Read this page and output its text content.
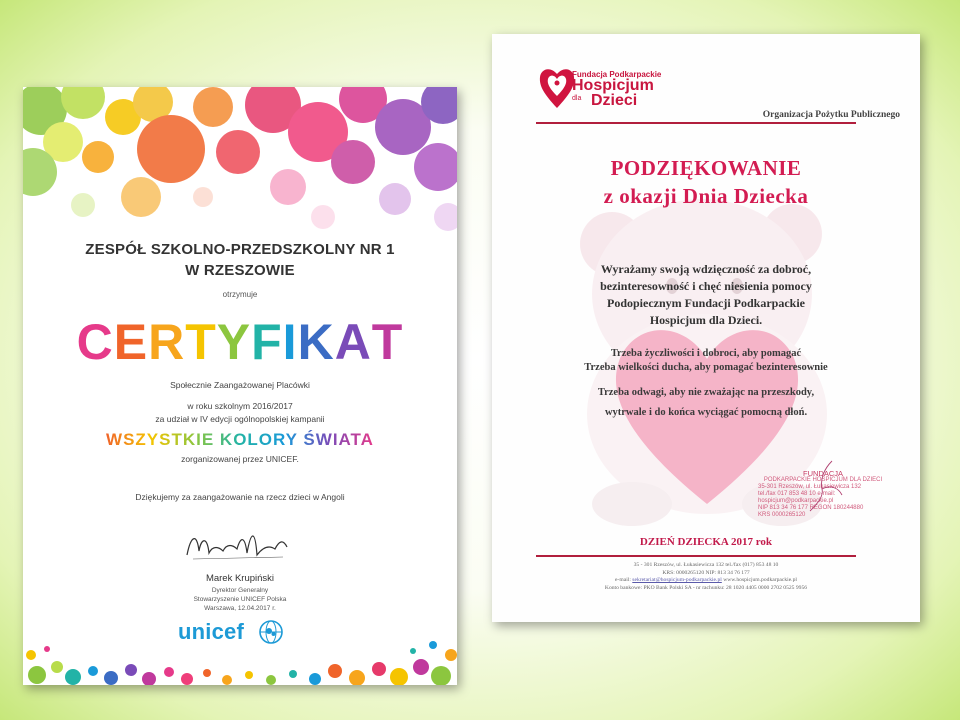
ZESPÓŁ SZKOLNO-PRZEDSZKOLNY NR 1
W RZESZOWIE
otrzymuje
CERTYFIKAT
Społecznie Zaangażowanej Placówki
w roku szkolnym 2016/2017
za udział w IV edycji ogólnopolskiej kampanii
WSZYSTKIE KOLORY ŚWIATA
zorganizowanej przez UNICEF.
Dziękujemy za zaangażowanie na rzecz dzieci w Angoli
Marek Krupiński
Dyrektor Generalny
Stowarzyszenie UNICEF Polska
Warszawa, 12.04.2017 r.
unicef
Fundacja Podkarpackie
Hospicjum
dla Dzieci
Organizacja Pożytku Publicznego
PODZIĘKOWANIE
z okazji Dnia Dziecka
Wyrażamy swoją wdzięczność za dobroć,
bezinteresowność i chęć niesienia pomocy
Podopiecznym Fundacji Podkarpackie
Hospicjum dla Dzieci.
Trzeba życzliwości i dobroci, aby pomagać
Trzeba wielkości ducha, aby pomagać bezinteresownie
Trzeba odwagi, aby nie zważając na przeszkody,
wytrwale i do końca wyciągać pomocną dłoń.
FUNDACJA
PODKARPACKIE HOSPICJUM DLA DZIECI
35-301 Rzeszów, ul. Łukasiewicza 132
tel./fax 017 853 48 10 e-mail: hospicjum@podkarpackie.pl
NIP 813 34 76 177 REGON 180244880
KRS 0000265120
DZIEŃ DZIECKA 2017 rok
35 - 301 Rzeszów, ul. Łukasiewicza 132 tel./fax (017) 853 48 10
KRS: 0000265120 NIP: 813 34 76 177
e-mail: sekretariat@hospicjum-podkarpackie.pl www.hospicjum.podkarpackie.pl
Konto bankowe: PKO Bank Polski SA - nr rachunku: 28 1020 4405 0000 2702 0525 9956
